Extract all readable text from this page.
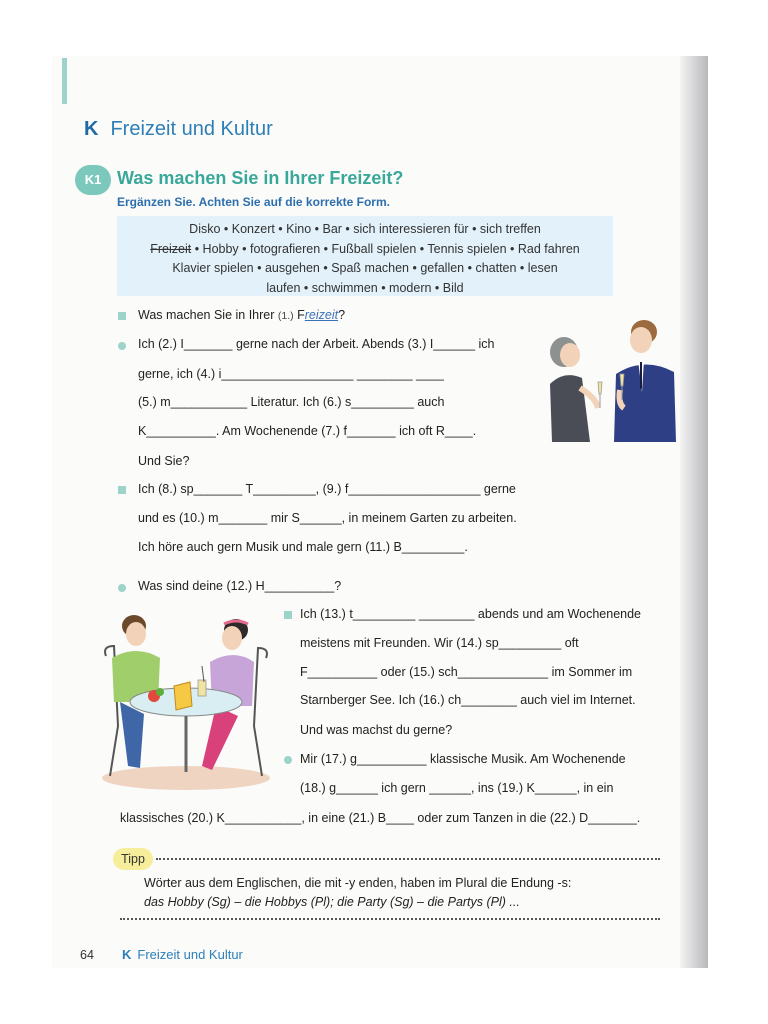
K Freizeit und Kultur
K1 Was machen Sie in Ihrer Freizeit?
Ergänzen Sie. Achten Sie auf die korrekte Form.
Disko • Konzert • Kino • Bar • sich interessieren für • sich treffen
Freizeit • Hobby • fotografieren • Fußball spielen • Tennis spielen • Rad fahren
Klavier spielen • ausgehen • Spaß machen • gefallen • chatten • lesen
laufen • schwimmen • modern • Bild
Was machen Sie in Ihrer (1.) Freizeit?
Ich (2.) I_______ gerne nach der Arbeit. Abends (3.) I______ ich
gerne, ich (4.) i___________________ ________ ____
(5.) m___________ Literatur. Ich (6.) s_________ auch
K__________. Am Wochenende (7.) f_______ ich oft R____.
Und Sie?
Ich (8.) sp_______ T_________, (9.) f___________________ gerne
und es (10.) m_______ mir S______, in meinem Garten zu arbeiten.
Ich höre auch gern Musik und male gern (11.) B_________.
Was sind deine (12.) H__________?
Ich (13.) t_________ ________ abends und am Wochenende
meistens mit Freunden. Wir (14.) sp_________ oft
F__________ oder (15.) sch_____________ im Sommer im
Starnberger See. Ich (16.) ch________ auch viel im Internet.
Und was machst du gerne?
Mir (17.) g__________ klassische Musik. Am Wochenende
(18.) g______ ich gern ______, ins (19.) K______, in ein
klassisches (20.) K___________, in eine (21.) B____ oder zum Tanzen in die (22.) D_______.
Tipp
Wörter aus dem Englischen, die mit -y enden, haben im Plural die Endung -s:
das Hobby (Sg) – die Hobbys (Pl); die Party (Sg) – die Partys (Pl) ...
64 K Freizeit und Kultur
